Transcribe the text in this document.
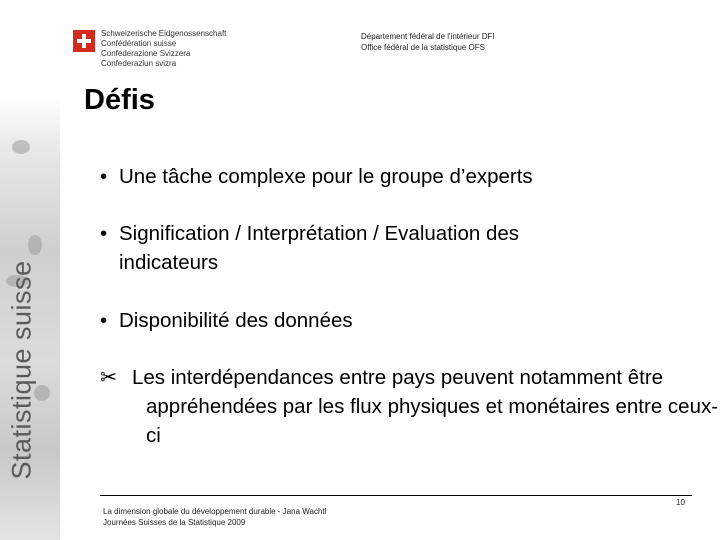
Statistique suisse
Schweizerische Eidgenossenschaft
Confédération suisse
Confederazione Svizzera
Confederaziun svizra
Département fédéral de l'intérieur DFI
Office fédéral de la statistique OFS
Défis
• Une tâche complexe pour le groupe d’experts
• Signification / Interprétation / Evaluation des indicateurs
• Disponibilité des données
✂ Les interdépendances entre pays peuvent notamment être appréhendées par les flux physiques et monétaires entre ceux-ci
La dimension globale du développement durable - Jana Wachtl
Journées Suisses de la Statistique 2009
10
